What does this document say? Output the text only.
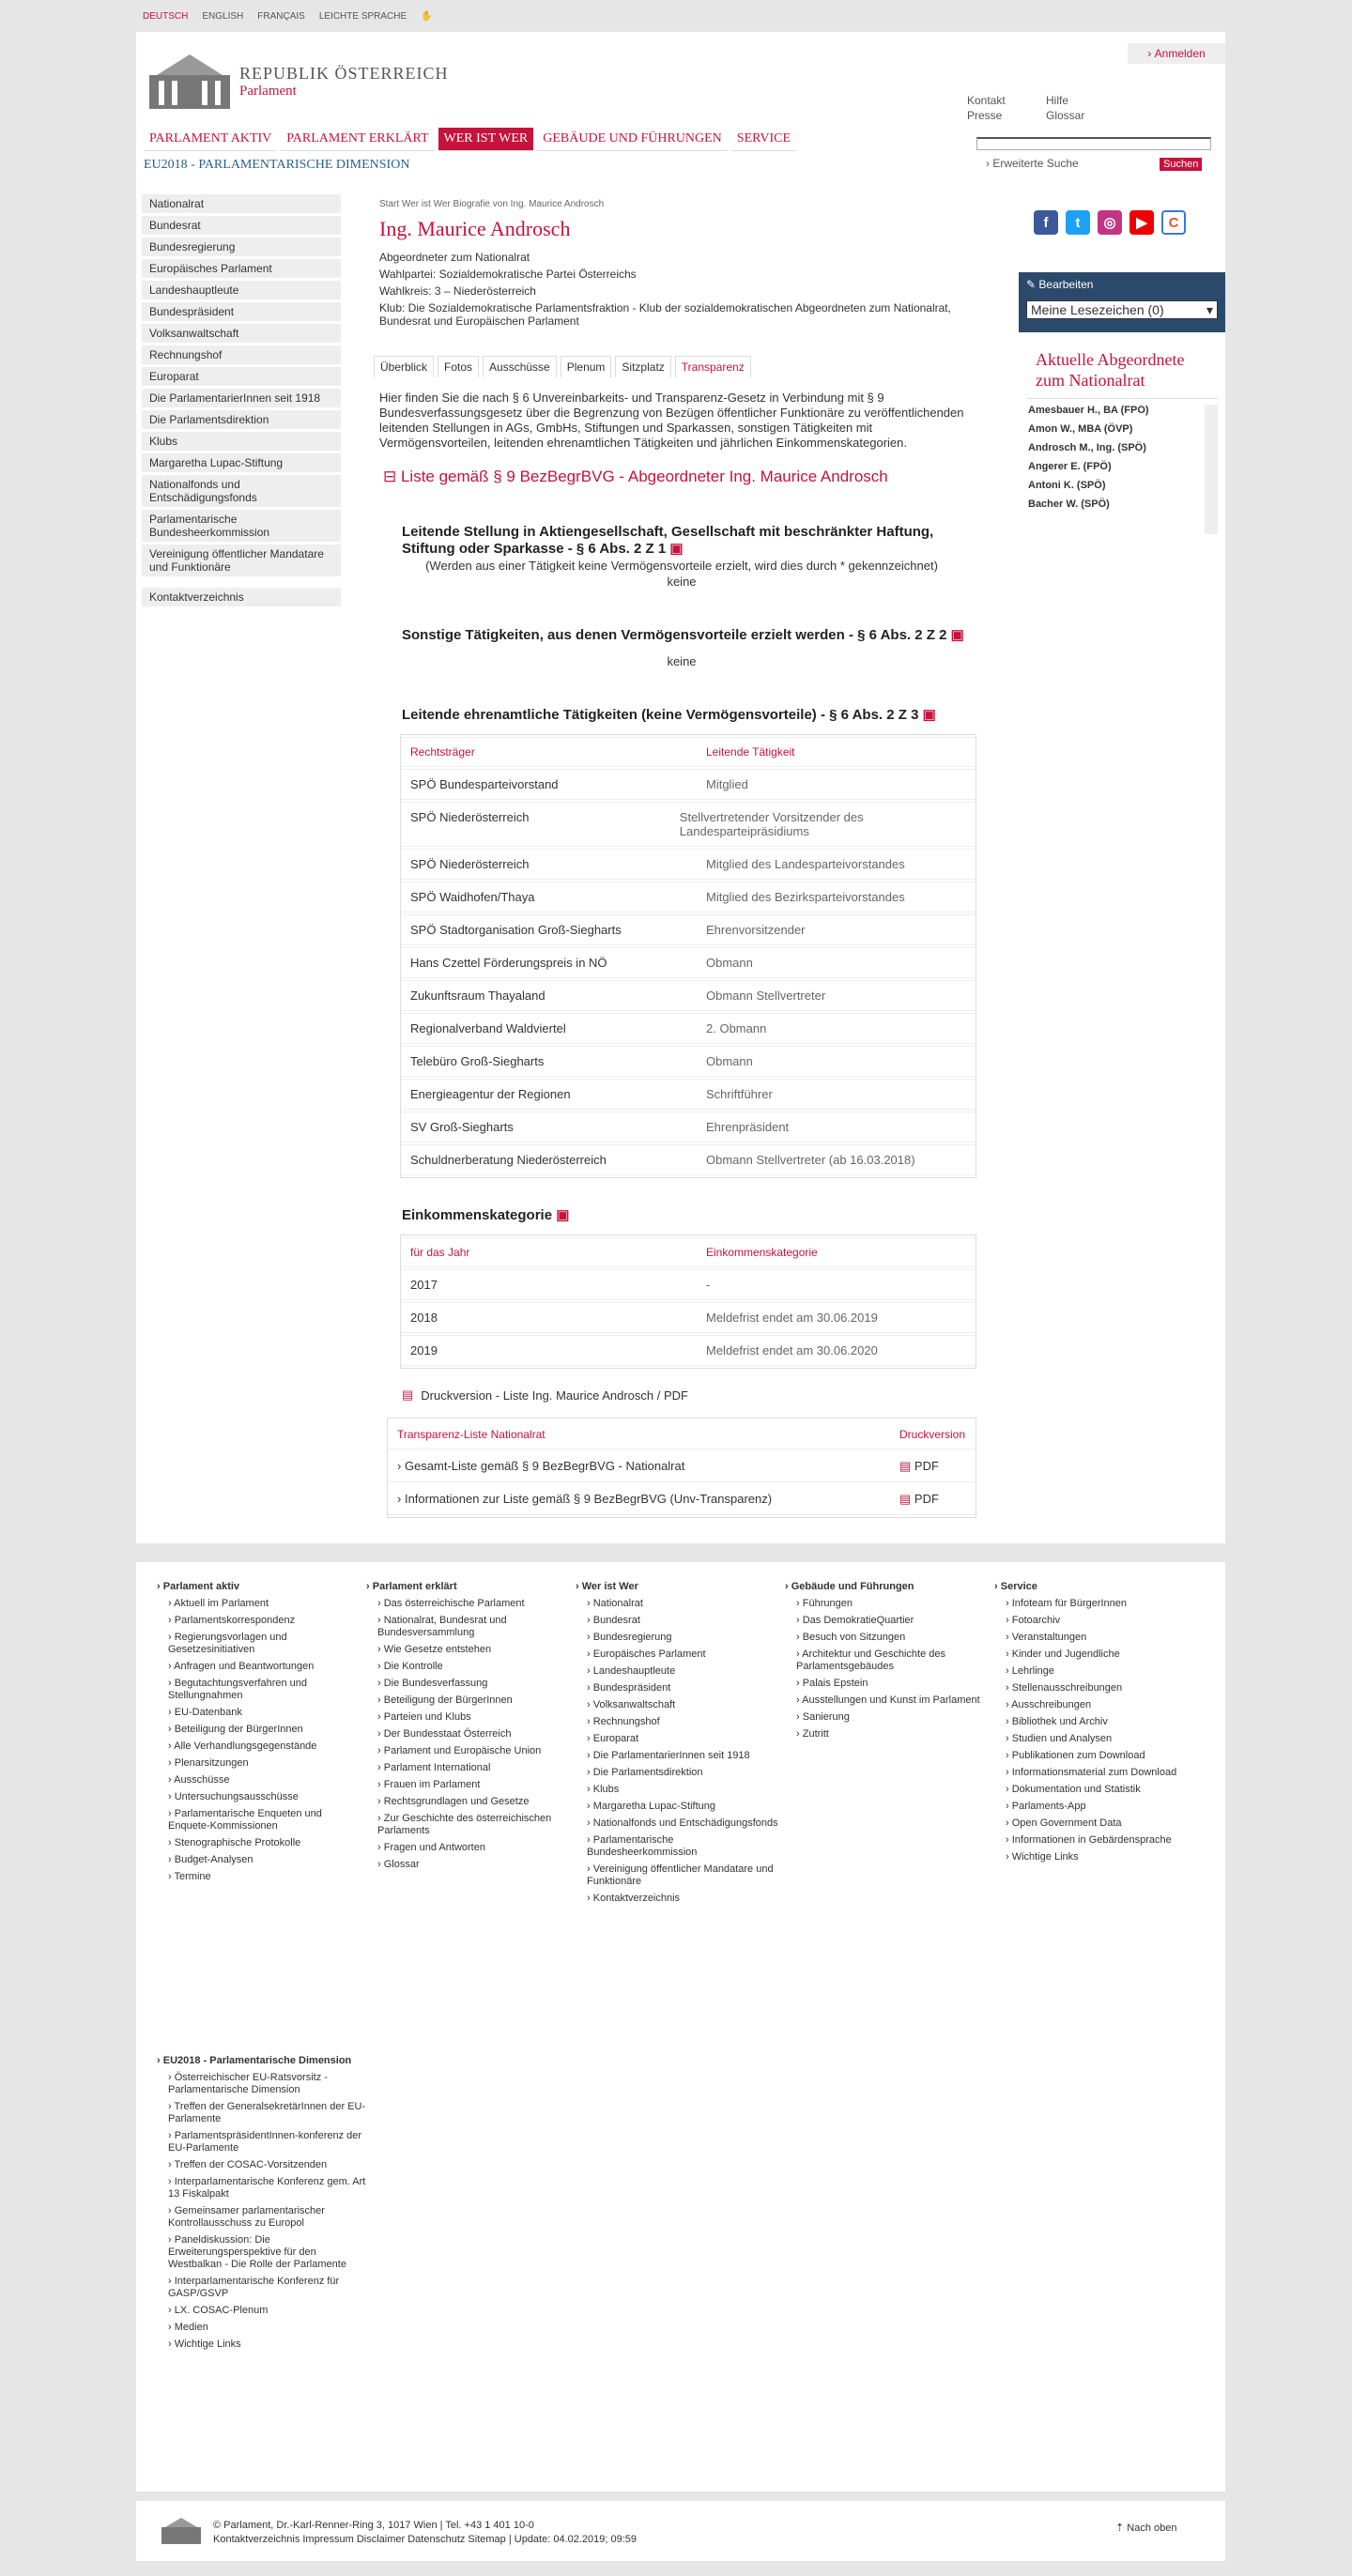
DEUTSCH ENGLISH FRANÇAIS LEICHTE SPRACHE ✋
REPUBLIK ÖSTERREICH
Parlament
› Anmelden
Kontakt	Hilfe
Presse	Glossar
› Erweiterte Suche	Suchen
PARLAMENT AKTIV	PARLAMENT ERKLÄRT	WER IST WER	GEBÄUDE UND FÜHRUNGEN	SERVICE
EU2018 - PARLAMENTARISCHE DIMENSION
Nationalrat
Bundesrat
Bundesregierung
Europäisches Parlament
Landeshauptleute
Bundespräsident
Volksanwaltschaft
Rechnungshof
Europarat
Die ParlamentarierInnen seit 1918
Die Parlamentsdirektion
Klubs
Margaretha Lupac-Stiftung
Nationalfonds und Entschädigungsfonds
Parlamentarische Bundesheerkommission
Vereinigung öffentlicher Mandatare und Funktionäre
Kontaktverzeichnis
Start Wer ist Wer Biografie von Ing. Maurice Androsch
Ing. Maurice Androsch
Abgeordneter zum Nationalrat
Wahlpartei: Sozialdemokratische Partei Österreichs
Wahlkreis: 3 – Niederösterreich
Klub: Die Sozialdemokratische Parlamentsfraktion - Klub der sozialdemokratischen Abgeordneten zum Nationalrat, Bundesrat und Europäischen Parlament
Überblick	Fotos	Ausschüsse	Plenum	Sitzplatz	Transparenz
Hier finden Sie die nach § 6 Unvereinbarkeits- und Transparenz-Gesetz in Verbindung mit § 9 Bundesverfassungsgesetz über die Begrenzung von Bezügen öffentlicher Funktionäre zu veröffentlichenden leitenden Stellungen in AGs, GmbHs, Stiftungen und Sparkassen, sonstigen Tätigkeiten mit Vermögensvorteilen, leitenden ehrenamtlichen Tätigkeiten und jährlichen Einkommenskategorien.
⊟ Liste gemäß § 9 BezBegrBVG - Abgeordneter Ing. Maurice Androsch
Leitende Stellung in Aktiengesellschaft, Gesellschaft mit beschränkter Haftung, Stiftung oder Sparkasse - § 6 Abs. 2 Z 1 ▣
(Werden aus einer Tätigkeit keine Vermögensvorteile erzielt, wird dies durch * gekennzeichnet)
keine
Sonstige Tätigkeiten, aus denen Vermögensvorteile erzielt werden - § 6 Abs. 2 Z 2 ▣
keine
Leitende ehrenamtliche Tätigkeiten (keine Vermögensvorteile) - § 6 Abs. 2 Z 3 ▣
Rechtsträger	Leitende Tätigkeit
SPÖ Bundesparteivorstand	Mitglied
SPÖ Niederösterreich	Stellvertretender Vorsitzender des Landesparteipräsidiums
SPÖ Niederösterreich	Mitglied des Landesparteivorstandes
SPÖ Waidhofen/Thaya	Mitglied des Bezirksparteivorstandes
SPÖ Stadtorganisation Groß-Siegharts	Ehrenvorsitzender
Hans Czettel Förderungspreis in NÖ	Obmann
Zukunftsraum Thayaland	Obmann Stellvertreter
Regionalverband Waldviertel	2. Obmann
Telebüro Groß-Siegharts	Obmann
Energieagentur der Regionen	Schriftführer
SV Groß-Siegharts	Ehrenpräsident
Schuldnerberatung Niederösterreich	Obmann Stellvertreter (ab 16.03.2018)
Einkommenskategorie ▣
für das Jahr	Einkommenskategorie
2017	-
2018	Meldefrist endet am 30.06.2019
2019	Meldefrist endet am 30.06.2020
▤ Druckversion - Liste Ing. Maurice Androsch / PDF
Transparenz-Liste Nationalrat	Druckversion
› Gesamt-Liste gemäß § 9 BezBegrBVG - Nationalrat	▤ PDF
› Informationen zur Liste gemäß § 9 BezBegrBVG (Unv-Transparenz)	▤ PDF
f	t	◎	▶	C
✎ Bearbeiten
Meine Lesezeichen (0)	▾
Aktuelle Abgeordnete zum Nationalrat
Amesbauer H., BA (FPÖ)
Amon W., MBA (ÖVP)
Androsch M., Ing. (SPÖ)
Angerer E. (FPÖ)
Antoni K. (SPÖ)
Bacher W. (SPÖ)
› Parlament aktiv
› Aktuell im Parlament
› Parlamentskorrespondenz
› Regierungsvorlagen und Gesetzesinitiativen
› Anfragen und Beantwortungen
› Begutachtungsverfahren und Stellungnahmen
› EU-Datenbank
› Beteiligung der BürgerInnen
› Alle Verhandlungsgegenstände
› Plenarsitzungen
› Ausschüsse
› Untersuchungsausschüsse
› Parlamentarische Enqueten und Enquete-Kommissionen
› Stenographische Protokolle
› Budget-Analysen
› Termine
› Parlament erklärt
› Das österreichische Parlament
› Nationalrat, Bundesrat und Bundesversammlung
› Wie Gesetze entstehen
› Die Kontrolle
› Die Bundesverfassung
› Beteiligung der BürgerInnen
› Parteien und Klubs
› Der Bundesstaat Österreich
› Parlament und Europäische Union
› Parlament International
› Frauen im Parlament
› Rechtsgrundlagen und Gesetze
› Zur Geschichte des österreichischen Parlaments
› Fragen und Antworten
› Glossar
› Wer ist Wer
› Nationalrat
› Bundesrat
› Bundesregierung
› Europäisches Parlament
› Landeshauptleute
› Bundespräsident
› Volksanwaltschaft
› Rechnungshof
› Europarat
› Die ParlamentarierInnen seit 1918
› Die Parlamentsdirektion
› Klubs
› Margaretha Lupac-Stiftung
› Nationalfonds und Entschädigungsfonds
› Parlamentarische Bundesheerkommission
› Vereinigung öffentlicher Mandatare und Funktionäre
› Kontaktverzeichnis
› Gebäude und Führungen
› Führungen
› Das DemokratieQuartier
› Besuch von Sitzungen
› Architektur und Geschichte des Parlamentsgebäudes
› Palais Epstein
› Ausstellungen und Kunst im Parlament
› Sanierung
› Zutritt
› Service
› Infoteam für BürgerInnen
› Fotoarchiv
› Veranstaltungen
› Kinder und Jugendliche
› Lehrlinge
› Stellenausschreibungen
› Ausschreibungen
› Bibliothek und Archiv
› Studien und Analysen
› Publikationen zum Download
› Informationsmaterial zum Download
› Dokumentation und Statistik
› Parlaments-App
› Open Government Data
› Informationen in Gebärdensprache
› Wichtige Links
› EU2018 - Parlamentarische Dimension
› Österreichischer EU-Ratsvorsitz - Parlamentarische Dimension
› Treffen der GeneralsekretärInnen der EU-Parlamente
› ParlamentspräsidentInnen-konferenz der EU-Parlamente
› Treffen der COSAC-Vorsitzenden
› Interparlamentarische Konferenz gem. Art 13 Fiskalpakt
› Gemeinsamer parlamentarischer Kontrollausschuss zu Europol
› Paneldiskussion: Die Erweiterungsperspektive für den Westbalkan - Die Rolle der Parlamente
› Interparlamentarische Konferenz für GASP/GSVP
› LX. COSAC-Plenum
› Medien
› Wichtige Links
© Parlament, Dr.-Karl-Renner-Ring 3, 1017 Wien | Tel. +43 1 401 10-0
Kontaktverzeichnis Impressum Disclaimer Datenschutz Sitemap | Update: 04.02.2019; 09:59
⇡ Nach oben
